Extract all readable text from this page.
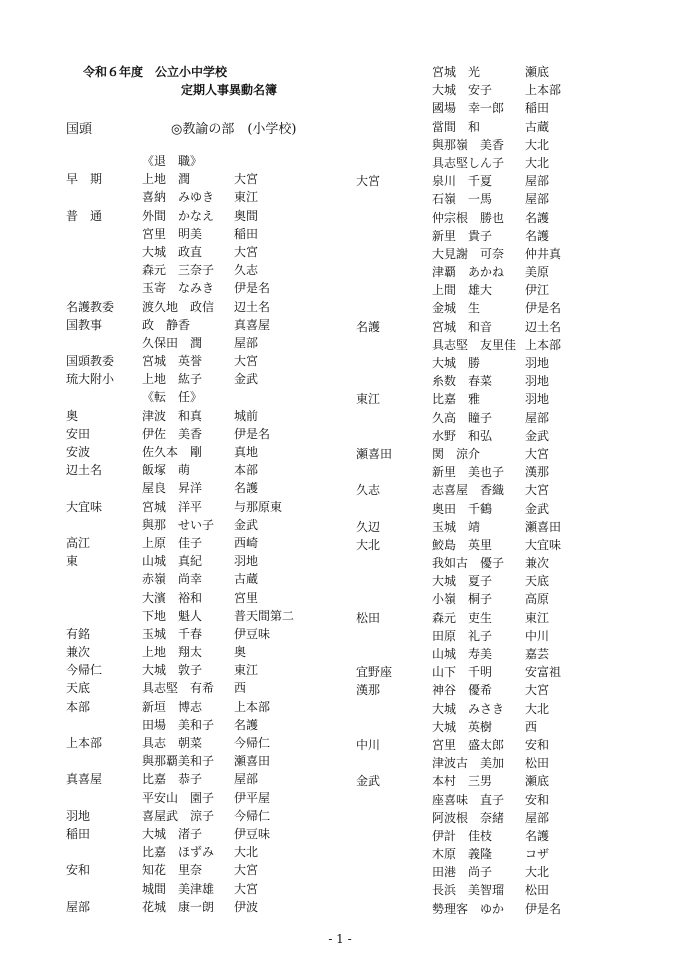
令和６年度　公立小中学校
定期人事異動名簿
国頭	◎教諭の部　(小学校)
《退　職》
早　期	上地　潤	大宮
喜納　みゆき 東江
普　通	外間　かなえ 奥間
宮里　明美	稲田
大城　政直	大宮
森元　三奈子 久志
玉寄　なみき 伊是名
名護教委 渡久地　政信 辺土名
国教事	政　静香	真喜屋
久保田　潤	屋部
国頭教委 宮城　英誉	大宮
琉大附小 上地　紘子	金武
《転　任》
奥	津波　和真	城前
安田	伊佐　美香	伊是名
安波	佐久本　剛	真地
辺土名	飯塚　萌	本部
屋良　昇洋	名護
大宜味	宮城　洋平	与那原東
與那　せい子 金武
高江	上原　佳子	西崎
東	山城　真紀	羽地
赤嶺　尚幸	古蔵
大濱　裕和	宮里
下地　魁人	普天間第二
有銘	玉城　千春	伊豆味
兼次	上地　翔太	奥
今帰仁	大城　敦子	東江
天底	具志堅　有希 西
本部	新垣　博志	上本部
田場　美和子 名護
上本部	具志　朝菜	今帰仁
與那覇美和子 瀬喜田
真喜屋	比嘉　恭子	屋部
平安山　園子 伊平屋
羽地	喜屋武　涼子 今帰仁
稲田	大城　渚子	伊豆味
比嘉　ほずみ 大北
安和	知花　里奈	大宮
城間　美津雄 大宮
屋部	花城　康一朗 伊波
宮城　光	瀬底
大城　安子	上本部
國場　幸一郎 稲田
當間　和	古蔵
與那嶺　美香 大北
具志堅しん子 大北
大宮	泉川　千夏	屋部
石嶺　一馬	屋部
仲宗根　勝也 名護
新里　貴子	名護
大見謝　可奈 仲井真
津覇　あかね 美原
上間　雄大	伊江
金城　生	伊是名
名護	宮城　和音	辺土名
具志堅　友里佳 上本部
大城　勝	羽地
糸数　春菜	羽地
東江	比嘉　雅	羽地
久高　瞳子	屋部
水野　和弘	金武
瀬喜田	関　涼介	大宮
新里　美也子 漢那
久志	志喜屋　香織 大宮
奥田　千鶴	金武
久辺	玉城　靖	瀬喜田
大北	鮫島　英里	大宜味
我如古　優子 兼次
大城　夏子	天底
小嶺　桐子	高原
松田	森元　吏生	東江
田原　礼子	中川
山城　寿美	嘉芸
宜野座	山下　千明	安富祖
漢那	神谷　優希	大宮
大城　みさき 大北
大城　英樹	西
中川	宮里　盛太郎 安和
津波古　美加 松田
金武	本村　三男	瀬底
座喜味　直子 安和
阿波根　奈緒 屋部
伊計　佳枝	名護
木原　義隆	コザ
田港　尚子	大北
長浜　美智瑠 松田
勢理客　ゆか 伊是名
- 1 -
